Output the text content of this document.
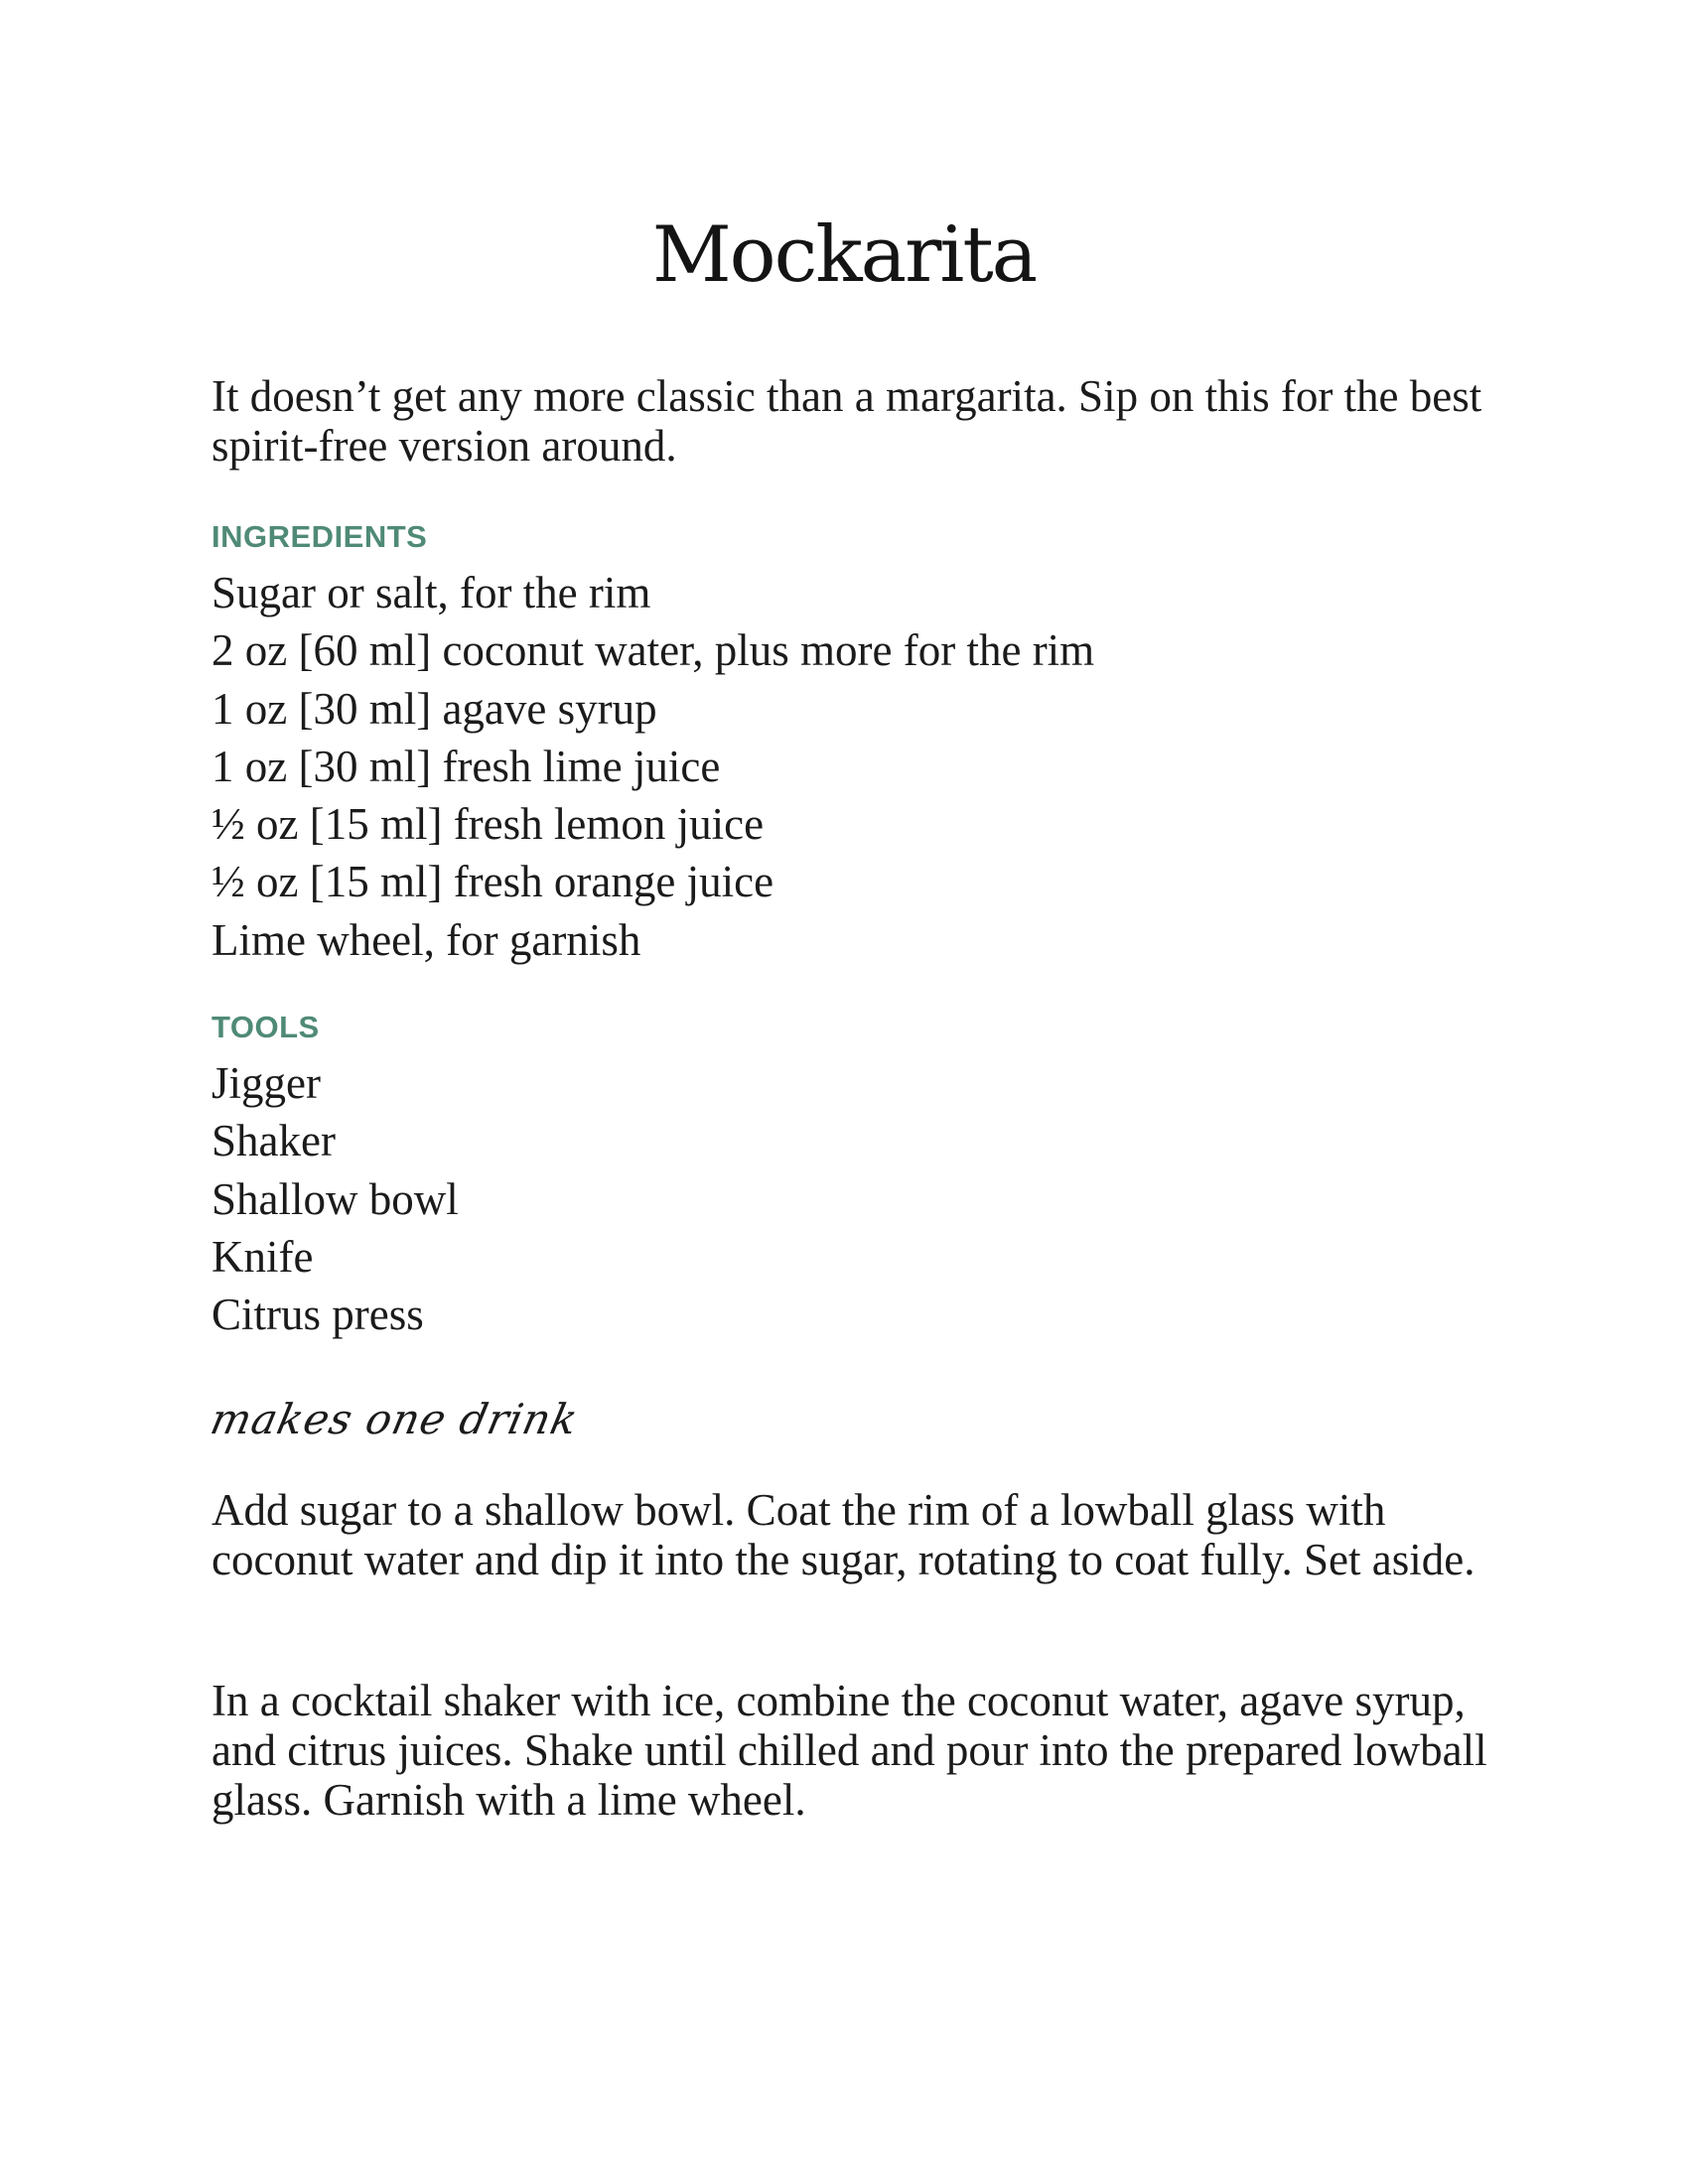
Mockarita

It doesn’t get any more classic than a margarita. Sip on this for the best spirit-free version around.

INGREDIENTS
Sugar or salt, for the rim
2 oz [60 ml] coconut water, plus more for the rim
1 oz [30 ml] agave syrup
1 oz [30 ml] fresh lime juice
½ oz [15 ml] fresh lemon juice
½ oz [15 ml] fresh orange juice
Lime wheel, for garnish
TOOLS
Jigger
Shaker
Shallow bowl
Knife
Citrus press

makes one drink

Add sugar to a shallow bowl. Coat the rim of a lowball glass with coconut water and dip it into the sugar, rotating to coat fully. Set aside.

In a cocktail shaker with ice, combine the coconut water, agave syrup, and citrus juices. Shake until chilled and pour into the prepared lowball glass. Garnish with a lime wheel.
